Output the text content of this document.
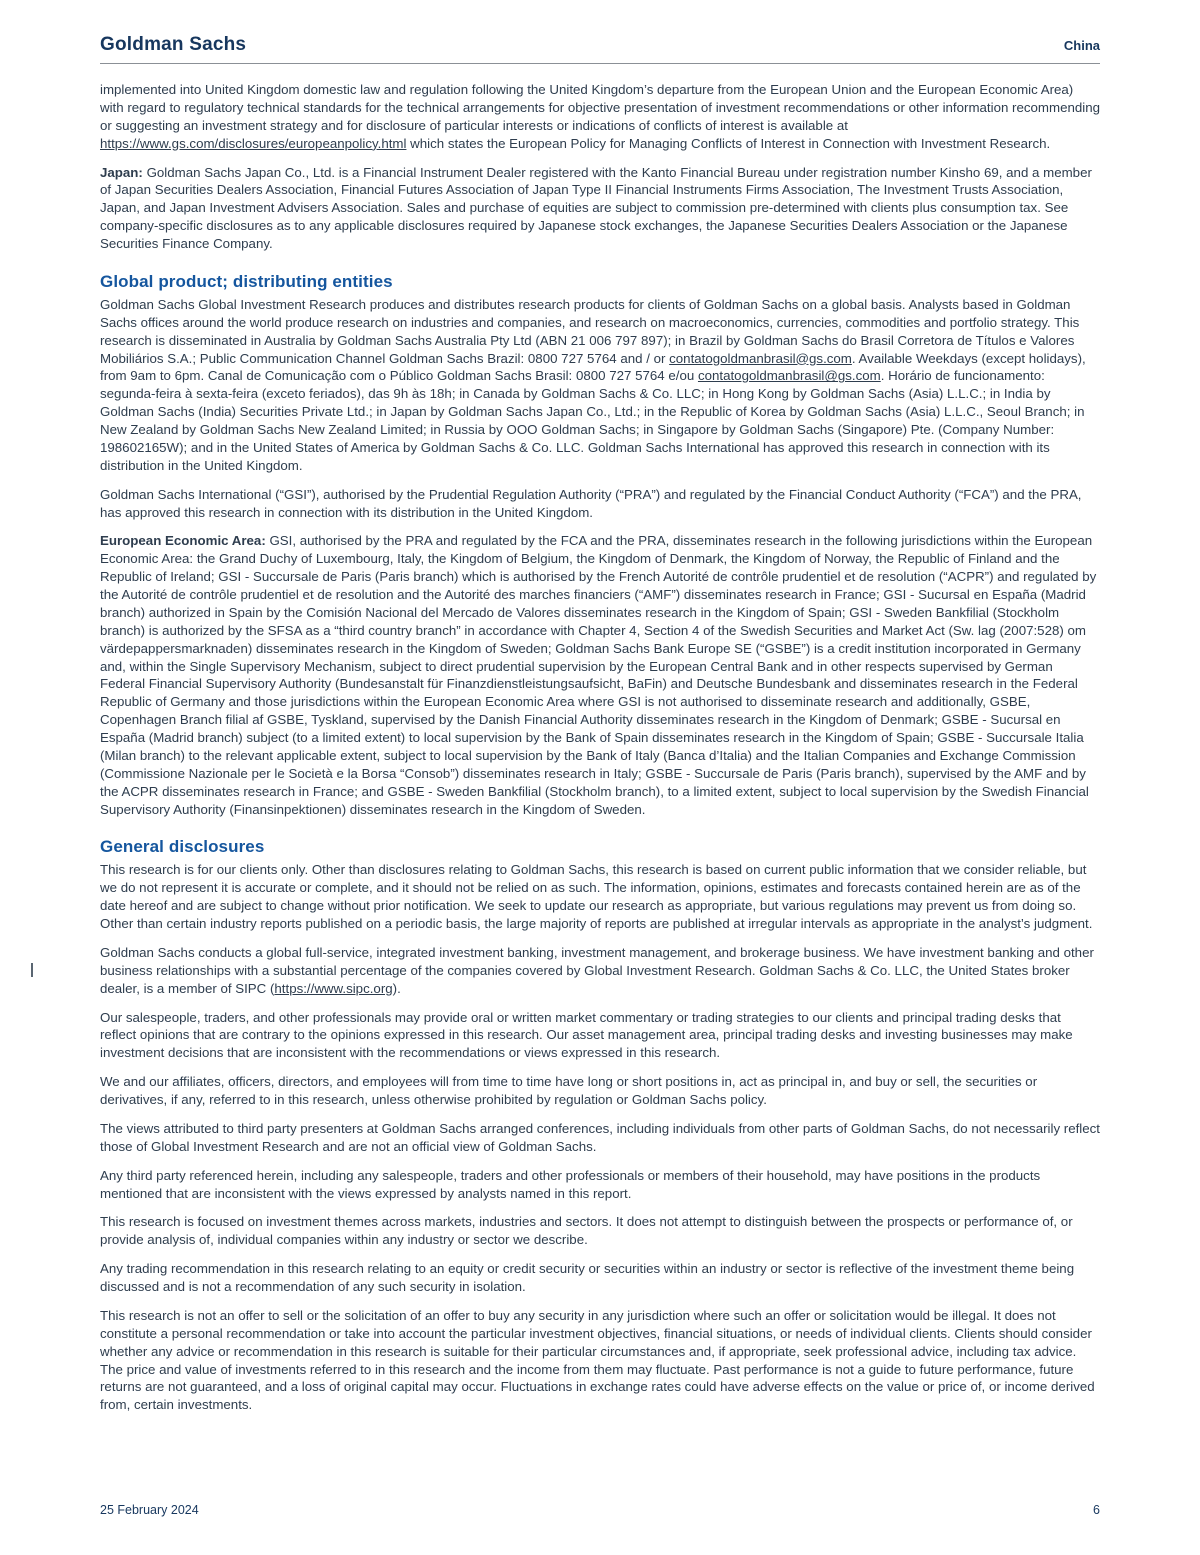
Goldman Sachs	China

implemented into United Kingdom domestic law and regulation following the United Kingdom’s departure from the European Union and the European Economic Area) with regard to regulatory technical standards for the technical arrangements for objective presentation of investment recommendations or other information recommending or suggesting an investment strategy and for disclosure of particular interests or indications of conflicts of interest is available at https://www.gs.com/disclosures/europeanpolicy.html which states the European Policy for Managing Conflicts of Interest in Connection with Investment Research.

Japan: Goldman Sachs Japan Co., Ltd. is a Financial Instrument Dealer registered with the Kanto Financial Bureau under registration number Kinsho 69, and a member of Japan Securities Dealers Association, Financial Futures Association of Japan Type II Financial Instruments Firms Association, The Investment Trusts Association, Japan, and Japan Investment Advisers Association. Sales and purchase of equities are subject to commission pre-determined with clients plus consumption tax. See company-specific disclosures as to any applicable disclosures required by Japanese stock exchanges, the Japanese Securities Dealers Association or the Japanese Securities Finance Company.

Global product; distributing entities

Goldman Sachs Global Investment Research produces and distributes research products for clients of Goldman Sachs on a global basis. Analysts based in Goldman Sachs offices around the world produce research on industries and companies, and research on macroeconomics, currencies, commodities and portfolio strategy. This research is disseminated in Australia by Goldman Sachs Australia Pty Ltd (ABN 21 006 797 897); in Brazil by Goldman Sachs do Brasil Corretora de Títulos e Valores Mobiliários S.A.; Public Communication Channel Goldman Sachs Brazil: 0800 727 5764 and / or contatogoldmanbrasil@gs.com. Available Weekdays (except holidays), from 9am to 6pm. Canal de Comunicação com o Público Goldman Sachs Brasil: 0800 727 5764 e/ou contatogoldmanbrasil@gs.com. Horário de funcionamento: segunda-feira à sexta-feira (exceto feriados), das 9h às 18h; in Canada by Goldman Sachs & Co. LLC; in Hong Kong by Goldman Sachs (Asia) L.L.C.; in India by Goldman Sachs (India) Securities Private Ltd.; in Japan by Goldman Sachs Japan Co., Ltd.; in the Republic of Korea by Goldman Sachs (Asia) L.L.C., Seoul Branch; in New Zealand by Goldman Sachs New Zealand Limited; in Russia by OOO Goldman Sachs; in Singapore by Goldman Sachs (Singapore) Pte. (Company Number: 198602165W); and in the United States of America by Goldman Sachs & Co. LLC. Goldman Sachs International has approved this research in connection with its distribution in the United Kingdom.

Goldman Sachs International (“GSI”), authorised by the Prudential Regulation Authority (“PRA”) and regulated by the Financial Conduct Authority (“FCA”) and the PRA, has approved this research in connection with its distribution in the United Kingdom.

European Economic Area: GSI, authorised by the PRA and regulated by the FCA and the PRA, disseminates research in the following jurisdictions within the European Economic Area: the Grand Duchy of Luxembourg, Italy, the Kingdom of Belgium, the Kingdom of Denmark, the Kingdom of Norway, the Republic of Finland and the Republic of Ireland; GSI - Succursale de Paris (Paris branch) which is authorised by the French Autorité de contrôle prudentiel et de resolution (“ACPR”) and regulated by the Autorité de contrôle prudentiel et de resolution and the Autorité des marches financiers (“AMF”) disseminates research in France; GSI - Sucursal en España (Madrid branch) authorized in Spain by the Comisión Nacional del Mercado de Valores disseminates research in the Kingdom of Spain; GSI - Sweden Bankfilial (Stockholm branch) is authorized by the SFSA as a “third country branch” in accordance with Chapter 4, Section 4 of the Swedish Securities and Market Act (Sw. lag (2007:528) om värdepappersmarknaden) disseminates research in the Kingdom of Sweden; Goldman Sachs Bank Europe SE (“GSBE”) is a credit institution incorporated in Germany and, within the Single Supervisory Mechanism, subject to direct prudential supervision by the European Central Bank and in other respects supervised by German Federal Financial Supervisory Authority (Bundesanstalt für Finanzdienstleistungsaufsicht, BaFin) and Deutsche Bundesbank and disseminates research in the Federal Republic of Germany and those jurisdictions within the European Economic Area where GSI is not authorised to disseminate research and additionally, GSBE, Copenhagen Branch filial af GSBE, Tyskland, supervised by the Danish Financial Authority disseminates research in the Kingdom of Denmark; GSBE - Sucursal en España (Madrid branch) subject (to a limited extent) to local supervision by the Bank of Spain disseminates research in the Kingdom of Spain; GSBE - Succursale Italia (Milan branch) to the relevant applicable extent, subject to local supervision by the Bank of Italy (Banca d’Italia) and the Italian Companies and Exchange Commission (Commissione Nazionale per le Società e la Borsa “Consob”) disseminates research in Italy; GSBE - Succursale de Paris (Paris branch), supervised by the AMF and by the ACPR disseminates research in France; and GSBE - Sweden Bankfilial (Stockholm branch), to a limited extent, subject to local supervision by the Swedish Financial Supervisory Authority (Finansinpektionen) disseminates research in the Kingdom of Sweden.

General disclosures

This research is for our clients only. Other than disclosures relating to Goldman Sachs, this research is based on current public information that we consider reliable, but we do not represent it is accurate or complete, and it should not be relied on as such. The information, opinions, estimates and forecasts contained herein are as of the date hereof and are subject to change without prior notification. We seek to update our research as appropriate, but various regulations may prevent us from doing so. Other than certain industry reports published on a periodic basis, the large majority of reports are published at irregular intervals as appropriate in the analyst’s judgment.

Goldman Sachs conducts a global full-service, integrated investment banking, investment management, and brokerage business. We have investment banking and other business relationships with a substantial percentage of the companies covered by Global Investment Research. Goldman Sachs & Co. LLC, the United States broker dealer, is a member of SIPC (https://www.sipc.org).

Our salespeople, traders, and other professionals may provide oral or written market commentary or trading strategies to our clients and principal trading desks that reflect opinions that are contrary to the opinions expressed in this research. Our asset management area, principal trading desks and investing businesses may make investment decisions that are inconsistent with the recommendations or views expressed in this research.

We and our affiliates, officers, directors, and employees will from time to time have long or short positions in, act as principal in, and buy or sell, the securities or derivatives, if any, referred to in this research, unless otherwise prohibited by regulation or Goldman Sachs policy.

The views attributed to third party presenters at Goldman Sachs arranged conferences, including individuals from other parts of Goldman Sachs, do not necessarily reflect those of Global Investment Research and are not an official view of Goldman Sachs.

Any third party referenced herein, including any salespeople, traders and other professionals or members of their household, may have positions in the products mentioned that are inconsistent with the views expressed by analysts named in this report.

This research is focused on investment themes across markets, industries and sectors. It does not attempt to distinguish between the prospects or performance of, or provide analysis of, individual companies within any industry or sector we describe.

Any trading recommendation in this research relating to an equity or credit security or securities within an industry or sector is reflective of the investment theme being discussed and is not a recommendation of any such security in isolation.

This research is not an offer to sell or the solicitation of an offer to buy any security in any jurisdiction where such an offer or solicitation would be illegal. It does not constitute a personal recommendation or take into account the particular investment objectives, financial situations, or needs of individual clients. Clients should consider whether any advice or recommendation in this research is suitable for their particular circumstances and, if appropriate, seek professional advice, including tax advice. The price and value of investments referred to in this research and the income from them may fluctuate. Past performance is not a guide to future performance, future returns are not guaranteed, and a loss of original capital may occur. Fluctuations in exchange rates could have adverse effects on the value or price of, or income derived from, certain investments.

25 February 2024	6
